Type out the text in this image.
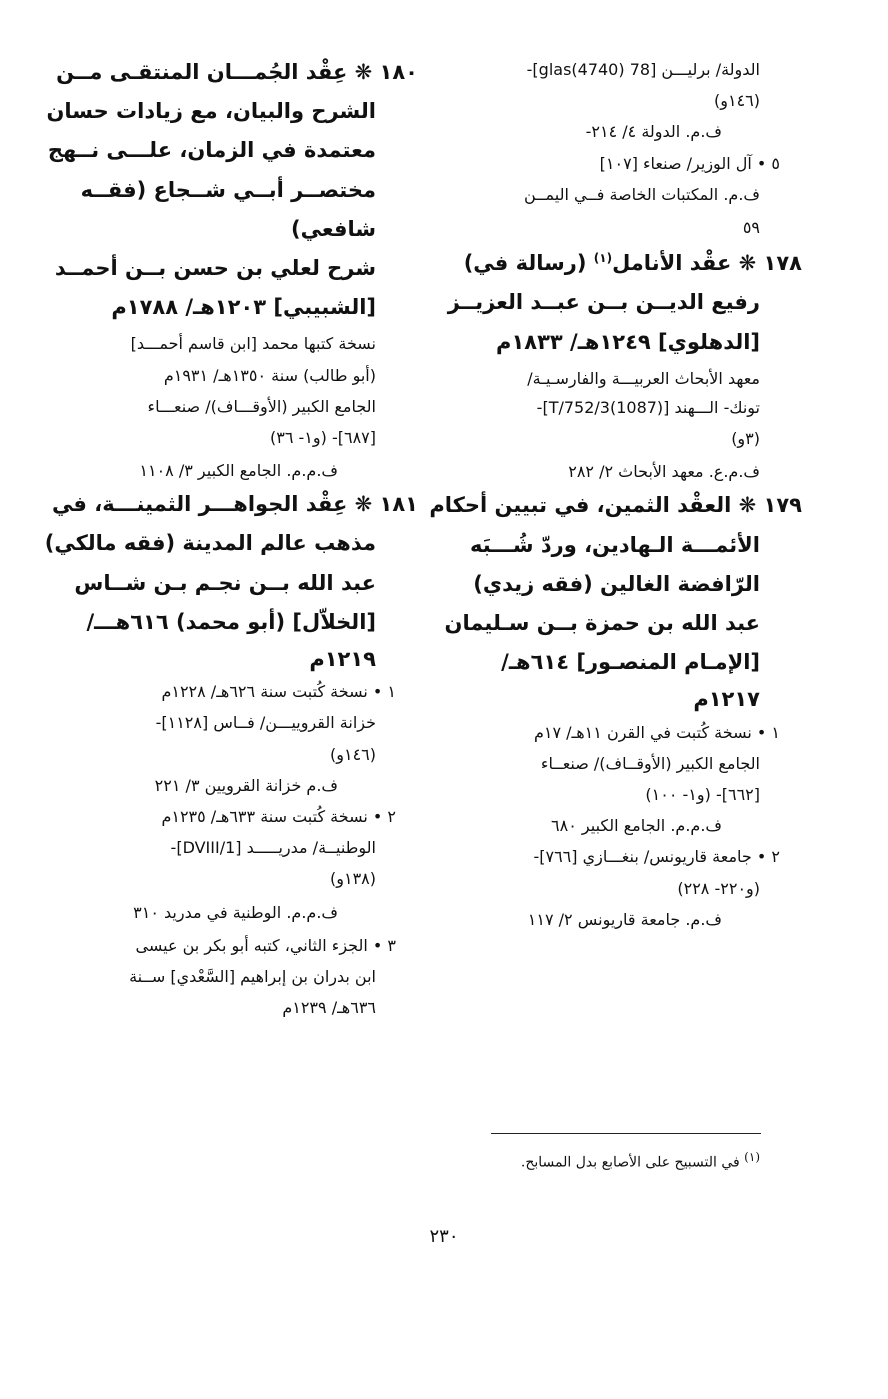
الدولة/ برليـــن [78 glas(4740)]-
(١٤٦و)
ف.م. الدولة ٤/ ٢١٤-
٥ • آل الوزير/ صنعاء [١٠٧]
ف.م. المكتبات الخاصة فــي اليمــن
٥٩
١٧٨ ❋ عقْد الأنامل$^{(١)}$ (رسالة في)
رفيع الديــن بــن عبــد العزيــز
[الدهلوي] ١٢٤٩هـ/ ١٨٣٣م
معهد الأبحاث العربيـــة والفارسـيـة/
تونك- الـــهند [T/752/3(1087)]-
(٣و)
ف.م.ع. معهد الأبحاث ٢/ ٢٨٢
١٧٩ ❋ العقْد الثمين، في تبيين أحكام
الأئمـــة الـهادين، وردّ شُـــبَه
الرّافضة الغالين (فقه زيدي)
عبد الله بن حمزة بــن سـليمان
[الإمـام المنصـور] ٦١٤هـ/
١٢١٧م
١ • نسخة كُتبت في القرن ١١هـ/ ١٧م
الجامع الكبير (الأوقــاف)/ صنعــاء
[٦٦٢]- (و١- ١٠٠)
ف.م.م. الجامع الكبير ٦٨٠
٢ • جامعة قاريونس/ بنغـــازي [٧٦٦]-
(و٢٢٠- ٢٢٨)
ف.م. جامعة قاريونس ٢/ ١١٧
١٨٠ ❋ عِقْد الجُمـــان المنتقـى مــن
الشرح والبيان، مع زيادات حسان
معتمدة في الزمان، علـــى نــهج
مختصــر أبــي شــجاع (فقــه
شافعي)
شرح لعلي بن حسن بــن أحمــد
[الشبيبي] ١٢٠٣هـ/ ١٧٨٨م
نسخة كتبها محمد [ابن قاسم أحمـــد]
(أبو طالب) سنة ١٣٥٠هـ/ ١٩٣١م
الجامع الكبير (الأوقـــاف)/ صنعـــاء
[٦٨٧]- (و١- ٣٦)
ف.م.م. الجامع الكبير ٣/ ١١٠٨
١٨١ ❋ عِقْد الجواهـــر الثمينـــة، في
مذهب عالم المدينة (فقه مالكي)
عبد الله بــن نجـم بـن شــاس
[الخلاّل] (أبو محمد) ٦١٦هـــ/
١٢١٩م
١ • نسخة كُتبت سنة ٦٢٦هـ/ ١٢٢٨م
خزانة القروييـــن/ فــاس [١١٢٨]-
(١٤٦و)
ف.م خزانة القرويين ٣/ ٢٢١
٢ • نسخة كُتبت سنة ٦٣٣هـ/ ١٢٣٥م
الوطنيــة/ مدريـــــد [DVIII/1]-
(١٣٨و)
ف.م.م. الوطنية في مدريد ٣١٠
٣ • الجزء الثاني، كتبه أبو بكر بن عيسى
ابن بدران بن إبراهيم [السَّعْدي] ســنة
٦٣٦هـ/ ١٢٣٩م
(١) في التسبيح على الأصابع بدل المسابح.
٢٣٠
